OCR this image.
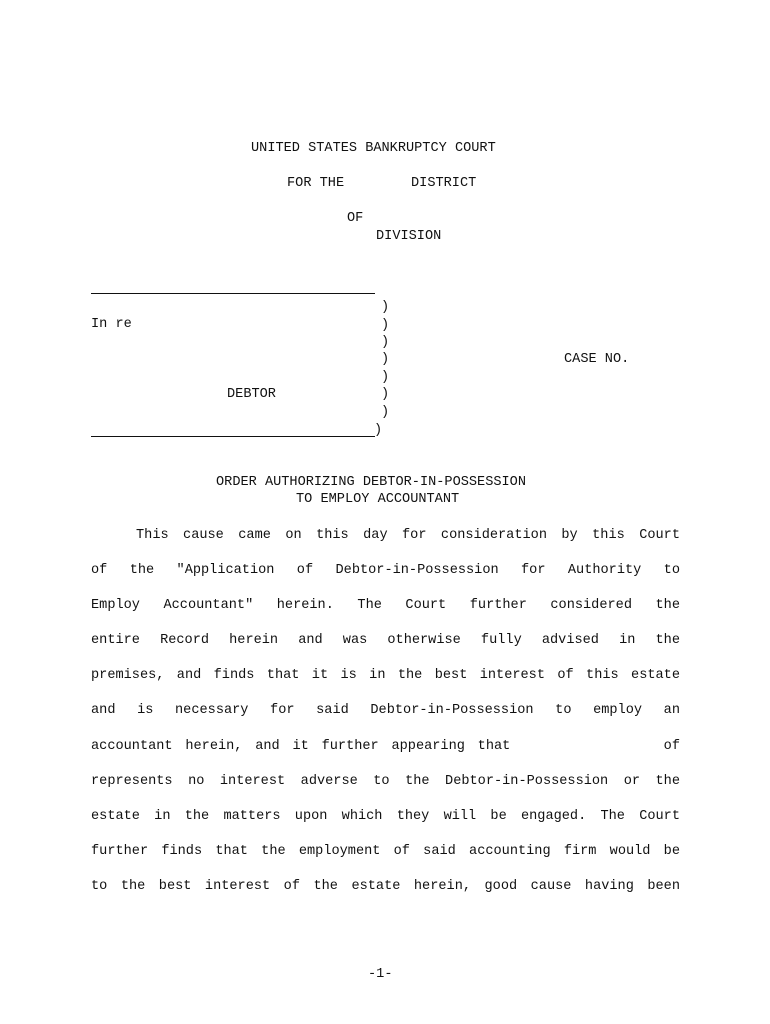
UNITED STATES BANKRUPTCY COURT
FOR THE	DISTRICT
OF
DIVISION
)
)
)
)
)
)
)
)
In re
DEBTOR
CASE NO.
ORDER AUTHORIZING DEBTOR-IN-POSSESSION
TO EMPLOY ACCOUNTANT
This cause came on this day for consideration by this Court
of the "Application of Debtor-in-Possession for Authority to
Employ Accountant" herein. The Court further considered the
entire Record herein and was otherwise fully advised in the
premises, and finds that it is in the best interest of this estate
and is necessary for said Debtor-in-Possession to employ an
accountant herein, and it further appearing that            of
represents no interest adverse to the Debtor-in-Possession or the
estate in the matters upon which they will be engaged. The Court
further finds that the employment of said accounting firm would be
to the best interest of the estate herein, good cause having been
-1-
